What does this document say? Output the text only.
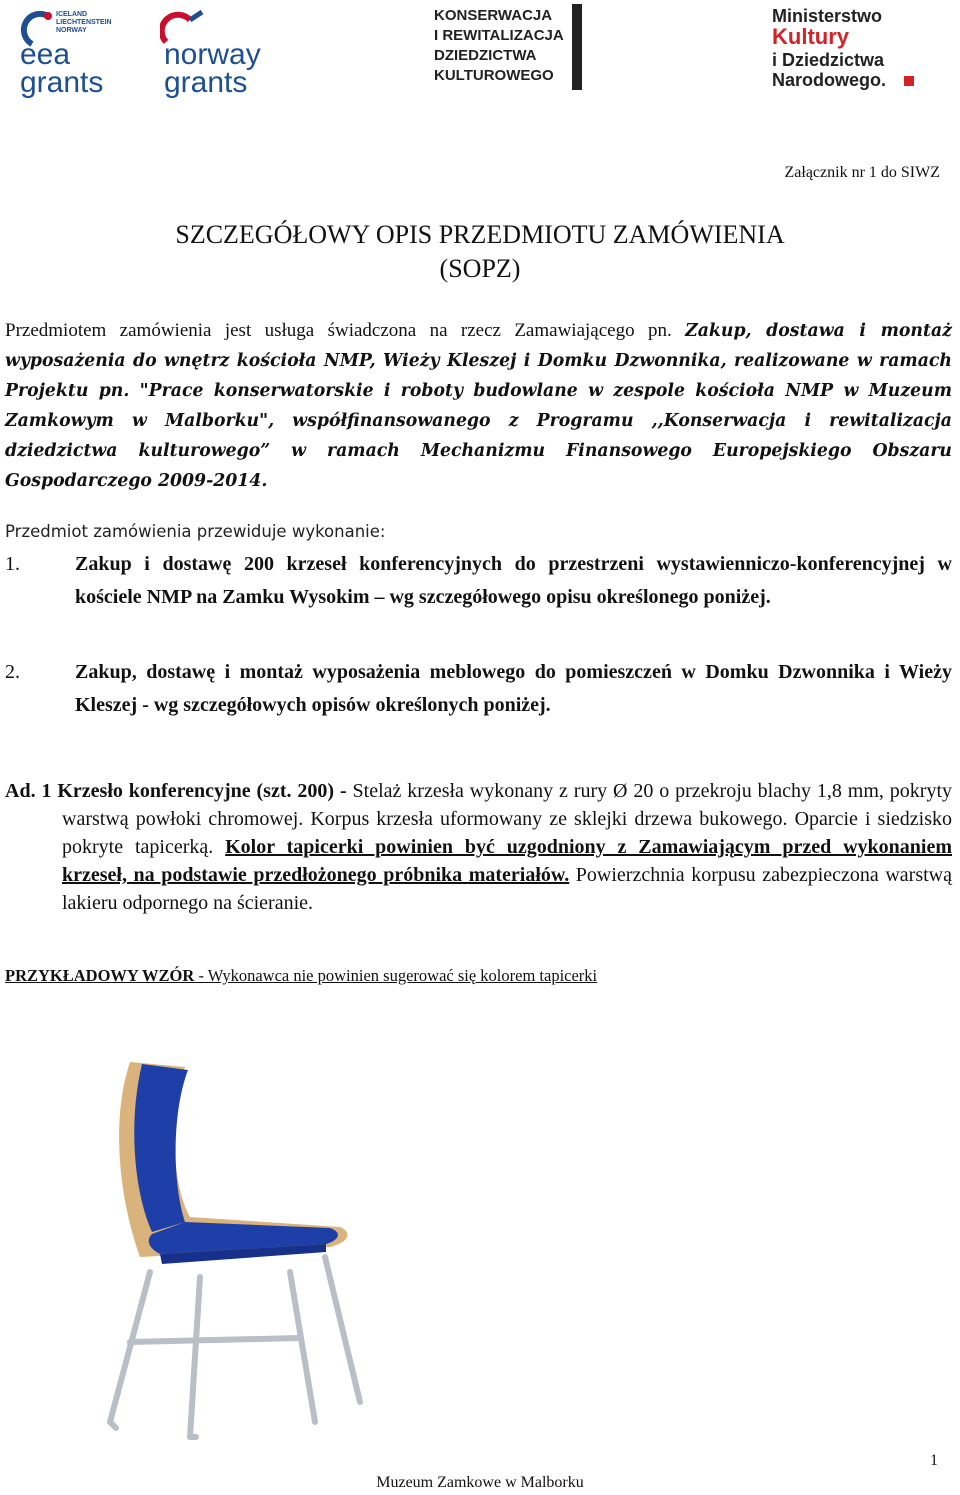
ICELAND
LIECHTENSTEIN
NORWAY
eea
grants
norway
grants
KONSERWACJA
I REWITALIZACJA
DZIEDZICTWA
KULTUROWEGO
Ministerstwo
Kultury
i Dziedzictwa
Narodowego.
Załącznik nr 1 do SIWZ
SZCZEGÓŁOWY OPIS PRZEDMIOTU ZAMÓWIENIA
(SOPZ)
Przedmiotem zamówienia jest usługa świadczona na rzecz Zamawiającego pn. Zakup, dostawa i montaż wyposażenia do wnętrz kościoła NMP, Wieży Kleszej i Domku Dzwonnika, realizowane w ramach Projektu pn. "Prace konserwatorskie i roboty budowlane w zespole kościoła NMP w Muzeum Zamkowym w Malborku", współfinansowanego z Programu ,,Konserwacja i rewitalizacja dziedzictwa kulturowego” w ramach Mechanizmu Finansowego Europejskiego Obszaru Gospodarczego 2009-2014.
Przedmiot zamówienia przewiduje wykonanie:
1.	Zakup i dostawę 200 krzeseł konferencyjnych do przestrzeni wystawienniczo-konferencyjnej w kościele NMP na Zamku Wysokim – wg szczegółowego opisu określonego poniżej.
2.	Zakup, dostawę i montaż wyposażenia meblowego do pomieszczeń w Domku Dzwonnika i Wieży Kleszej - wg szczegółowych opisów określonych poniżej.
Ad. 1 Krzesło konferencyjne (szt. 200) - Stelaż krzesła wykonany z rury Ø 20 o przekroju blachy 1,8 mm, pokryty warstwą powłoki chromowej. Korpus krzesła uformowany ze sklejki drzewa bukowego. Oparcie i siedzisko pokryte tapicerką. Kolor tapicerki powinien być uzgodniony z Zamawiającym przed wykonaniem krzeseł, na podstawie przedłożonego próbnika materiałów. Powierzchnia korpusu zabezpieczona warstwą lakieru odpornego na ścieranie.
PRZYKŁADOWY WZÓR - Wykonawca nie powinien sugerować się kolorem tapicerki
1
Muzeum Zamkowe w Malborku
